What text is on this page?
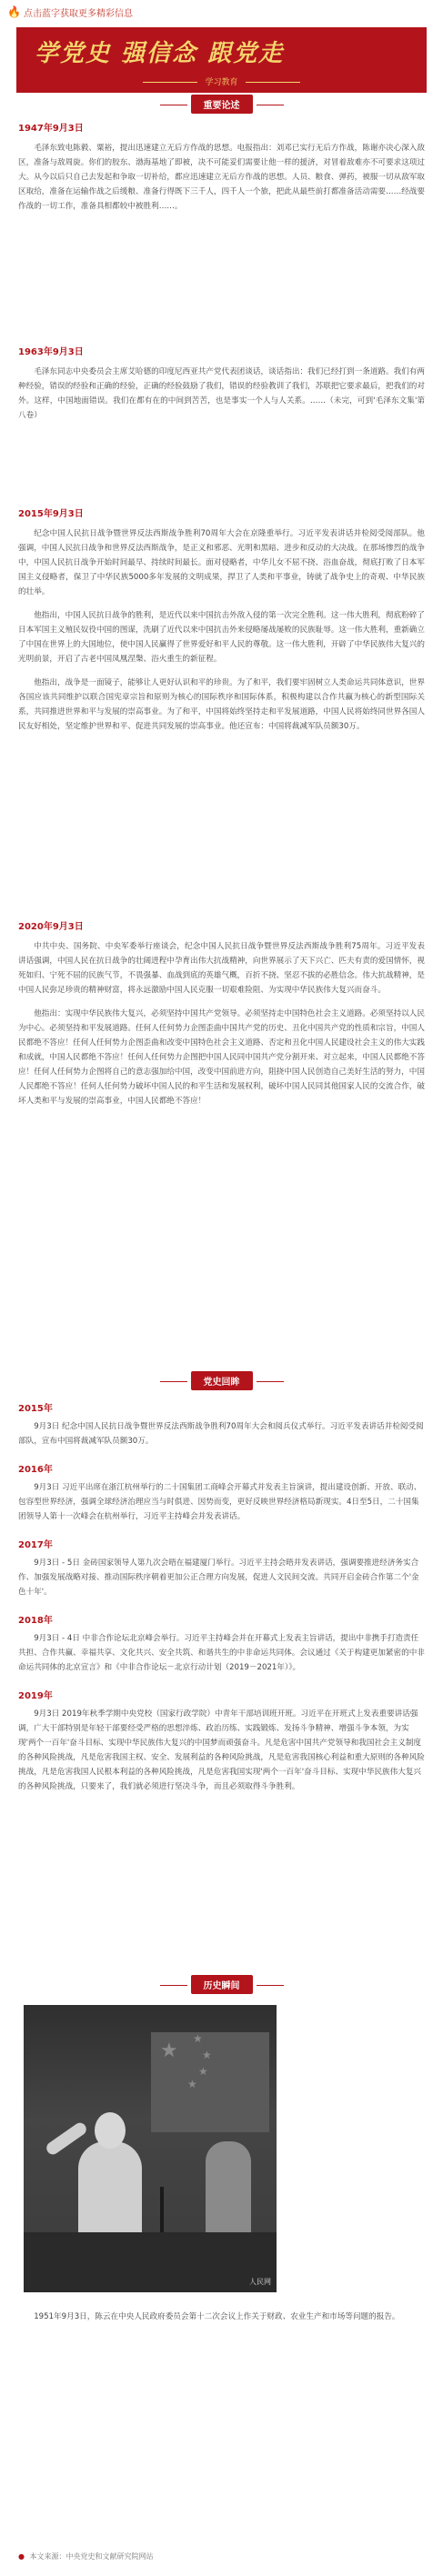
🔥 点击蓝字获取更多精彩信息
学党史 强信念 跟党走
学习教育
重要论述
1947年9月3日
毛泽东致电陈毅、粟裕，提出迅速建立无后方作战的思想。电报指出：刘邓已实行无后方作战，陈谢亦决心深入敌区，准备与敌周旋。你们的胶东、渤海基地了即被，决不可能妥们需要让他一样的援济，对冒着敌难亦不可要求这项过大。从今以后只自己去发起和争取一切补给，都应迅速建立无后方作战的思想。人员、粮食、弹药，被服一切从敌军取区取给，准备在运输作战之后缓粮、准备行得既下三千人，四千人一个旅，把此从最些前打都准备活动需要……经战要作战的一切工作，准备具相都较中被胜利……。
1963年9月3日
毛泽东同志中央委员会主席艾哈德的印度尼西亚共产党代表团谈话，谈话指出：我们已经打到一条道路。我们有两种经验，错误的经验和正确的经验，正确的经验鼓励了我们，错误的经验教训了我们，苏联把它要求最后，把我们的对外。这样，中国地面错误。我们在都有在的中间到苦苦，也是事实一个人与人关系。……（未完，可到'毛泽东文集'第八卷）
2015年9月3日
纪念中国人民抗日战争暨世界反法西斯战争胜利70周年大会在京隆重举行。习近平发表讲话并检阅受阅部队。他强调，中国人民抗日战争和世界反法西斯战争，是正义和邪恶、光明和黑暗、进步和反动的大决战。在那场惨烈的战争中，中国人民抗日战争开始时间最早、持续时间最长。面对侵略者，中华儿女不屈不挠、浴血奋战，彻底打败了日本军国主义侵略者，保卫了中华民族5000多年发展的文明成果，捍卫了人类和平事业，铸就了战争史上的奇观、中华民族的壮举。
他指出，中国人民抗日战争的胜利，是近代以来中国抗击外敌入侵的第一次完全胜利。这一伟大胜利，彻底粉碎了日本军国主义殖民奴役中国的图谋，洗刷了近代以来中国抗击外来侵略屡战屡败的民族耻辱。这一伟大胜利，重新确立了中国在世界上的大国地位，使中国人民赢得了世界爱好和平人民的尊敬。这一伟大胜利，开辟了中华民族伟大复兴的光明前景，开启了古老中国凤凰涅槃、浴火重生的新征程。
他指出，战争是一面镜子，能够让人更好认识和平的珍贵。为了和平，我们要牢固树立人类命运共同体意识，世界各国应该共同维护以联合国宪章宗旨和原则为核心的国际秩序和国际体系，积极构建以合作共赢为核心的新型国际关系，共同推进世界和平与发展的崇高事业。为了和平，中国将始终坚持走和平发展道路，中国人民将始终同世界各国人民友好相处，坚定维护世界和平、促进共同发展的崇高事业。他还宣布：中国将裁减军队员额30万。
2020年9月3日
中共中央、国务院、中央军委举行座谈会，纪念中国人民抗日战争暨世界反法西斯战争胜利75周年。习近平发表讲话强调，中国人民在抗日战争的壮阔进程中孕育出伟大抗战精神，向世界展示了天下兴亡、匹夫有责的爱国情怀，视死如归、宁死不屈的民族气节，不畏强暴、血战到底的英雄气概，百折不挠、坚忍不拔的必胜信念。伟大抗战精神，是中国人民弥足珍贵的精神财富，将永远激励中国人民克服一切艰难险阻、为实现中华民族伟大复兴而奋斗。
他指出：实现中华民族伟大复兴，必须坚持中国共产党领导。必须坚持走中国特色社会主义道路。必须坚持以人民为中心。必须坚持和平发展道路。任何人任何势力企图歪曲中国共产党的历史、丑化中国共产党的性质和宗旨，中国人民都绝不答应！任何人任何势力企图歪曲和改变中国特色社会主义道路、否定和丑化中国人民建设社会主义的伟大实践和成就，中国人民都绝不答应！任何人任何势力企图把中国人民同中国共产党分割开来、对立起来，中国人民都绝不答应！任何人任何势力企图将自己的意志强加给中国，改变中国前进方向，阻挠中国人民创造自己美好生活的努力，中国人民都绝不答应！任何人任何势力破坏中国人民的和平生活和发展权利，破坏中国人民同其他国家人民的交流合作，破坏人类和平与发展的崇高事业，中国人民都绝不答应！
党史回眸
2015年
9月3日 纪念中国人民抗日战争暨世界反法西斯战争胜利70周年大会和阅兵仪式举行。习近平发表讲话并检阅受阅部队，宣布中国将裁减军队员额30万。
2016年
9月3日 习近平出席在浙江杭州举行的二十国集团工商峰会开幕式并发表主旨演讲，提出建设创新、开放、联动、包容型世界经济，强调全球经济治理应当与时俱进、因势而变，更好反映世界经济格局新现实。4日至5日，二十国集团领导人第十一次峰会在杭州举行，习近平主持峰会并发表讲话。
2017年
9月3日 - 5日 金砖国家领导人第九次会晤在福建厦门举行。习近平主持会晤并发表讲话，强调要推进经济务实合作、加强发展战略对接、推动国际秩序朝着更加公正合理方向发展，促进人文民间交流。共同开启金砖合作第二个'金色十年'。
2018年
9月3日 - 4日 中非合作论坛北京峰会举行。习近平主持峰会并在开幕式上发表主旨讲话，提出中非携手打造责任共担、合作共赢、幸福共享、文化共兴、安全共筑、和谐共生的中非命运共同体。会议通过《关于构建更加紧密的中非命运共同体的北京宣言》和《中非合作论坛－北京行动计划（2019－2021年）》。
2019年
9月3日 2019年秋季学期中央党校（国家行政学院）中青年干部培训班开班。习近平在开班式上发表重要讲话强调，广大干部特别是年轻干部要经受严格的思想淬炼、政治历练、实践锻炼、发扬斗争精神、增强斗争本领，为实现'两个一百年'奋斗目标、实现中华民族伟大复兴的中国梦而顽强奋斗。凡是危害中国共产党领导和我国社会主义制度的各种风险挑战，凡是危害我国主权、安全、发展利益的各种风险挑战，凡是危害我国核心利益和重大原则的各种风险挑战，凡是危害我国人民根本利益的各种风险挑战，凡是危害我国实现'两个一百年'奋斗目标、实现中华民族伟大复兴的各种风险挑战，只要来了，我们就必须进行坚决斗争，而且必须取得斗争胜利。
历史瞬间
★
★
★
★
★
人民网
1951年9月3日，陈云在中央人民政府委员会第十二次会议上作关于财政、农业生产和市场等问题的报告。
● 本文来源：中央党史和文献研究院网站
